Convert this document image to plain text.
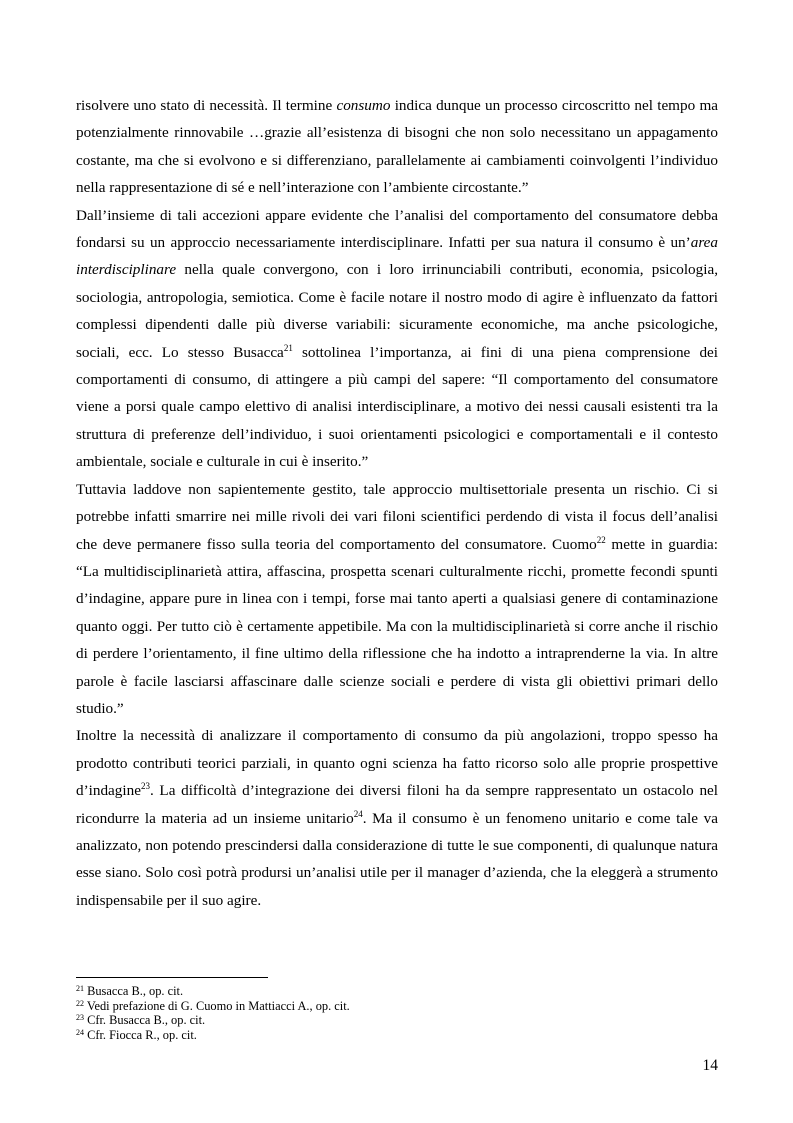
risolvere uno stato di necessità. Il termine consumo indica dunque un processo circoscritto nel tempo ma potenzialmente rinnovabile …grazie all’esistenza di bisogni che non solo necessitano un appagamento costante, ma che si evolvono e si differenziano, parallelamente ai cambiamenti coinvolgenti l’individuo nella rappresentazione di sé e nell’interazione con l’ambiente circostante.”

Dall’insieme di tali accezioni appare evidente che l’analisi del comportamento del consumatore debba fondarsi su un approccio necessariamente interdisciplinare. Infatti per sua natura il consumo è un’area interdisciplinare nella quale convergono, con i loro irrinunciabili contributi, economia, psicologia, sociologia, antropologia, semiotica. Come è facile notare il nostro modo di agire è influenzato da fattori complessi dipendenti dalle più diverse variabili: sicuramente economiche, ma anche psicologiche, sociali, ecc. Lo stesso Busacca$^{21}$ sottolinea l’importanza, ai fini di una piena comprensione dei comportamenti di consumo, di attingere a più campi del sapere: “Il comportamento del consumatore viene a porsi quale campo elettivo di analisi interdisciplinare, a motivo dei nessi causali esistenti tra la struttura di preferenze dell’individuo, i suoi orientamenti psicologici e comportamentali e il contesto ambientale, sociale e culturale in cui è inserito.”

Tuttavia laddove non sapientemente gestito, tale approccio multisettoriale presenta un rischio. Ci si potrebbe infatti smarrire nei mille rivoli dei vari filoni scientifici perdendo di vista il focus dell’analisi che deve permanere fisso sulla teoria del comportamento del consumatore. Cuomo$^{22}$ mette in guardia: “La multidisciplinarietà attira, affascina, prospetta scenari culturalmente ricchi, promette fecondi spunti d’indagine, appare pure in linea con i tempi, forse mai tanto aperti a qualsiasi genere di contaminazione quanto oggi. Per tutto ciò è certamente appetibile. Ma con la multidisciplinarietà si corre anche il rischio di perdere l’orientamento, il fine ultimo della riflessione che ha indotto a intraprenderne la via. In altre parole è facile lasciarsi affascinare dalle scienze sociali e perdere di vista gli obiettivi primari dello studio.”

Inoltre la necessità di analizzare il comportamento di consumo da più angolazioni, troppo spesso ha prodotto contributi teorici parziali, in quanto ogni scienza ha fatto ricorso solo alle proprie prospettive d’indagine$^{23}$. La difficoltà d’integrazione dei diversi filoni ha da sempre rappresentato un ostacolo nel ricondurre la materia ad un insieme unitario$^{24}$. Ma il consumo è un fenomeno unitario e come tale va analizzato, non potendo prescindersi dalla considerazione di tutte le sue componenti, di qualunque natura esse siano. Solo così potrà prodursi un’analisi utile per il manager d’azienda, che la eleggerà a strumento indispensabile per il suo agire.

$^{21}$ Busacca B., op. cit.
$^{22}$ Vedi prefazione di G. Cuomo in Mattiacci A., op. cit.
$^{23}$ Cfr. Busacca B., op. cit.
$^{24}$ Cfr. Fiocca R., op. cit.
14
